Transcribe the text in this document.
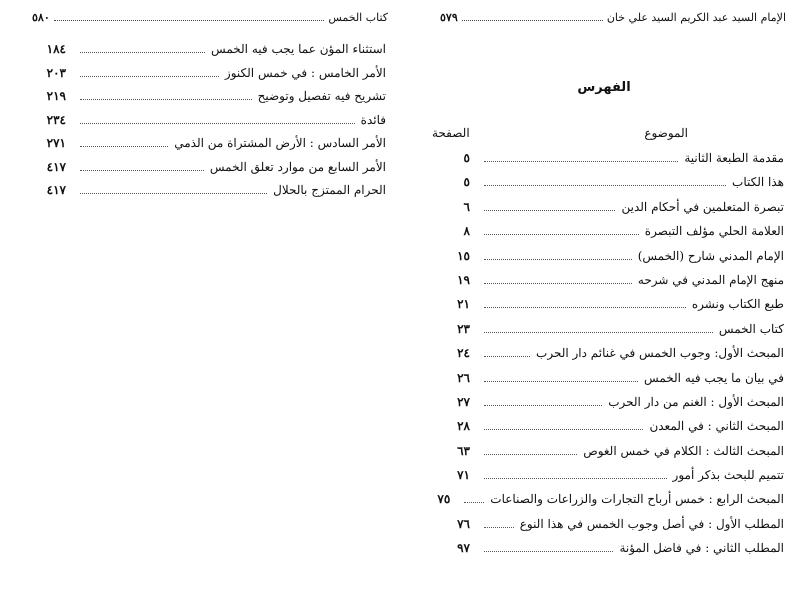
كتاب الخمس
٥٨٠
استثناء المؤن عما يجب فيه الخمس
١٨٤
الأمر الخامس : في خمس الكنوز
٢٠٣
تشريح فيه تفصيل وتوضيح
٢١٩
فائدة
٢٣٤
الأمر السادس : الأرض المشتراة من الذمي
٢٧١
الأمر السابع من موارد تعلق الخمس
٤١٧
الحرام الممتزج بالحلال
٤١٧
الإمام السيد عبد الكريم السيد علي خان
٥٧٩
الفهرس
الموضوع
الصفحة
مقدمة الطبعة الثانية
٥
هذا الكتاب
٥
تبصرة المتعلمين في أحكام الدين
٦
العلامة الحلي مؤلف التبصرة
٨
الإمام المدني شارح (الخمس)
١٥
منهج الإمام المدني في شرحه
١٩
طبع الكتاب ونشره
٢١
كتاب الخمس
٢٣
المبحث الأول: وجوب الخمس في غنائم دار الحرب
٢٤
في بيان ما يجب فيه الخمس
٢٦
المبحث الأول : الغنم من دار الحرب
٢٧
المبحث الثاني : في المعدن
٢٨
المبحث الثالث : الكلام في خمس الغوص
٦٣
تتميم للبحث بذكر أمور
٧١
المبحث الرابع : خمس أرباح التجارات والزراعات والصناعات
٧٥
المطلب الأول : في أصل وجوب الخمس في هذا النوع
٧٦
المطلب الثاني : في فاضل المؤنة
٩٧
